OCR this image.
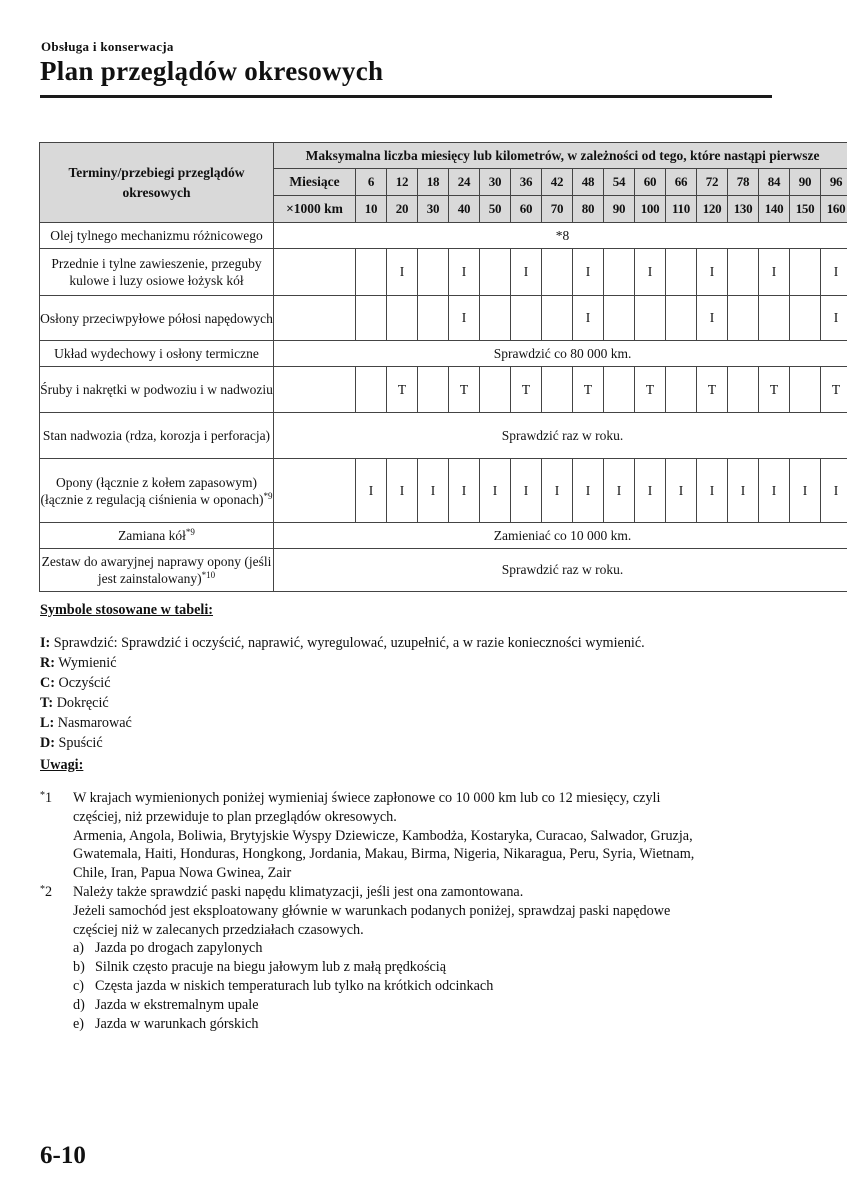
Obsługa i konserwacja
Plan przeglądów okresowych
Terminy/przebiegi przeglądów okresowych	Maksymalna liczba miesięcy lub kilometrów, w zależności od tego, które nastąpi pierwsze																
	Miesiące	6	12	18	24	30	36	42	48	54	60	66	72	78	84	90	96
	×1000 km	10	20	30	40	50	60	70	80	90	100	110	120	130	140	150	160
Olej tylnego mechanizmu różnicowego	*8																
Przednie i tylne zawieszenie, przeguby kulowe i luzy osiowe łożysk kół			I		I		I		I		I		I		I		I
Osłony przeciwpyłowe półosi napędowych					I				I				I				I
Układ wydechowy i osłony termiczne	Sprawdzić co 80 000 km.																
Śruby i nakrętki w podwoziu i w nadwoziu			T		T		T		T		T		T		T		T
Stan nadwozia (rdza, korozja i perforacja)	Sprawdzić raz w roku.																
Opony (łącznie z kołem zapasowym) (łącznie z regulacją ciśnienia w oponach)$^{*9}$		I	I	I	I	I	I	I	I	I	I	I	I	I	I	I	I
Zamiana kół$^{*9}$	Zamieniać co 10 000 km.																
Zestaw do awaryjnej naprawy opony (jeśli jest zainstalowany)$^{*10}$	Sprawdzić raz w roku.																
Symbole stosowane w tabeli:
I: Sprawdzić: Sprawdzić i oczyścić, naprawić, wyregulować, uzupełnić, a w razie konieczności wymienić.
R: Wymienić
C: Oczyścić
T: Dokręcić
L: Nasmarować
D: Spuścić
Uwagi:
*1 W krajach wymienionych poniżej wymieniaj świece zapłonowe co 10 000 km lub co 12 miesięcy, czyli
częściej, niż przewiduje to plan przeglądów okresowych.
Armenia, Angola, Boliwia, Brytyjskie Wyspy Dziewicze, Kambodża, Kostaryka, Curacao, Salwador, Gruzja,
Gwatemala, Haiti, Honduras, Hongkong, Jordania, Makau, Birma, Nigeria, Nikaragua, Peru, Syria, Wietnam,
Chile, Iran, Papua Nowa Gwinea, Zair
*2 Należy także sprawdzić paski napędu klimatyzacji, jeśli jest ona zamontowana.
Jeżeli samochód jest eksploatowany głównie w warunkach podanych poniżej, sprawdzaj paski napędowe
częściej niż w zalecanych przedziałach czasowych.
a) Jazda po drogach zapylonych
b) Silnik często pracuje na biegu jałowym lub z małą prędkością
c) Częsta jazda w niskich temperaturach lub tylko na krótkich odcinkach
d) Jazda w ekstremalnym upale
e) Jazda w warunkach górskich
6-10
